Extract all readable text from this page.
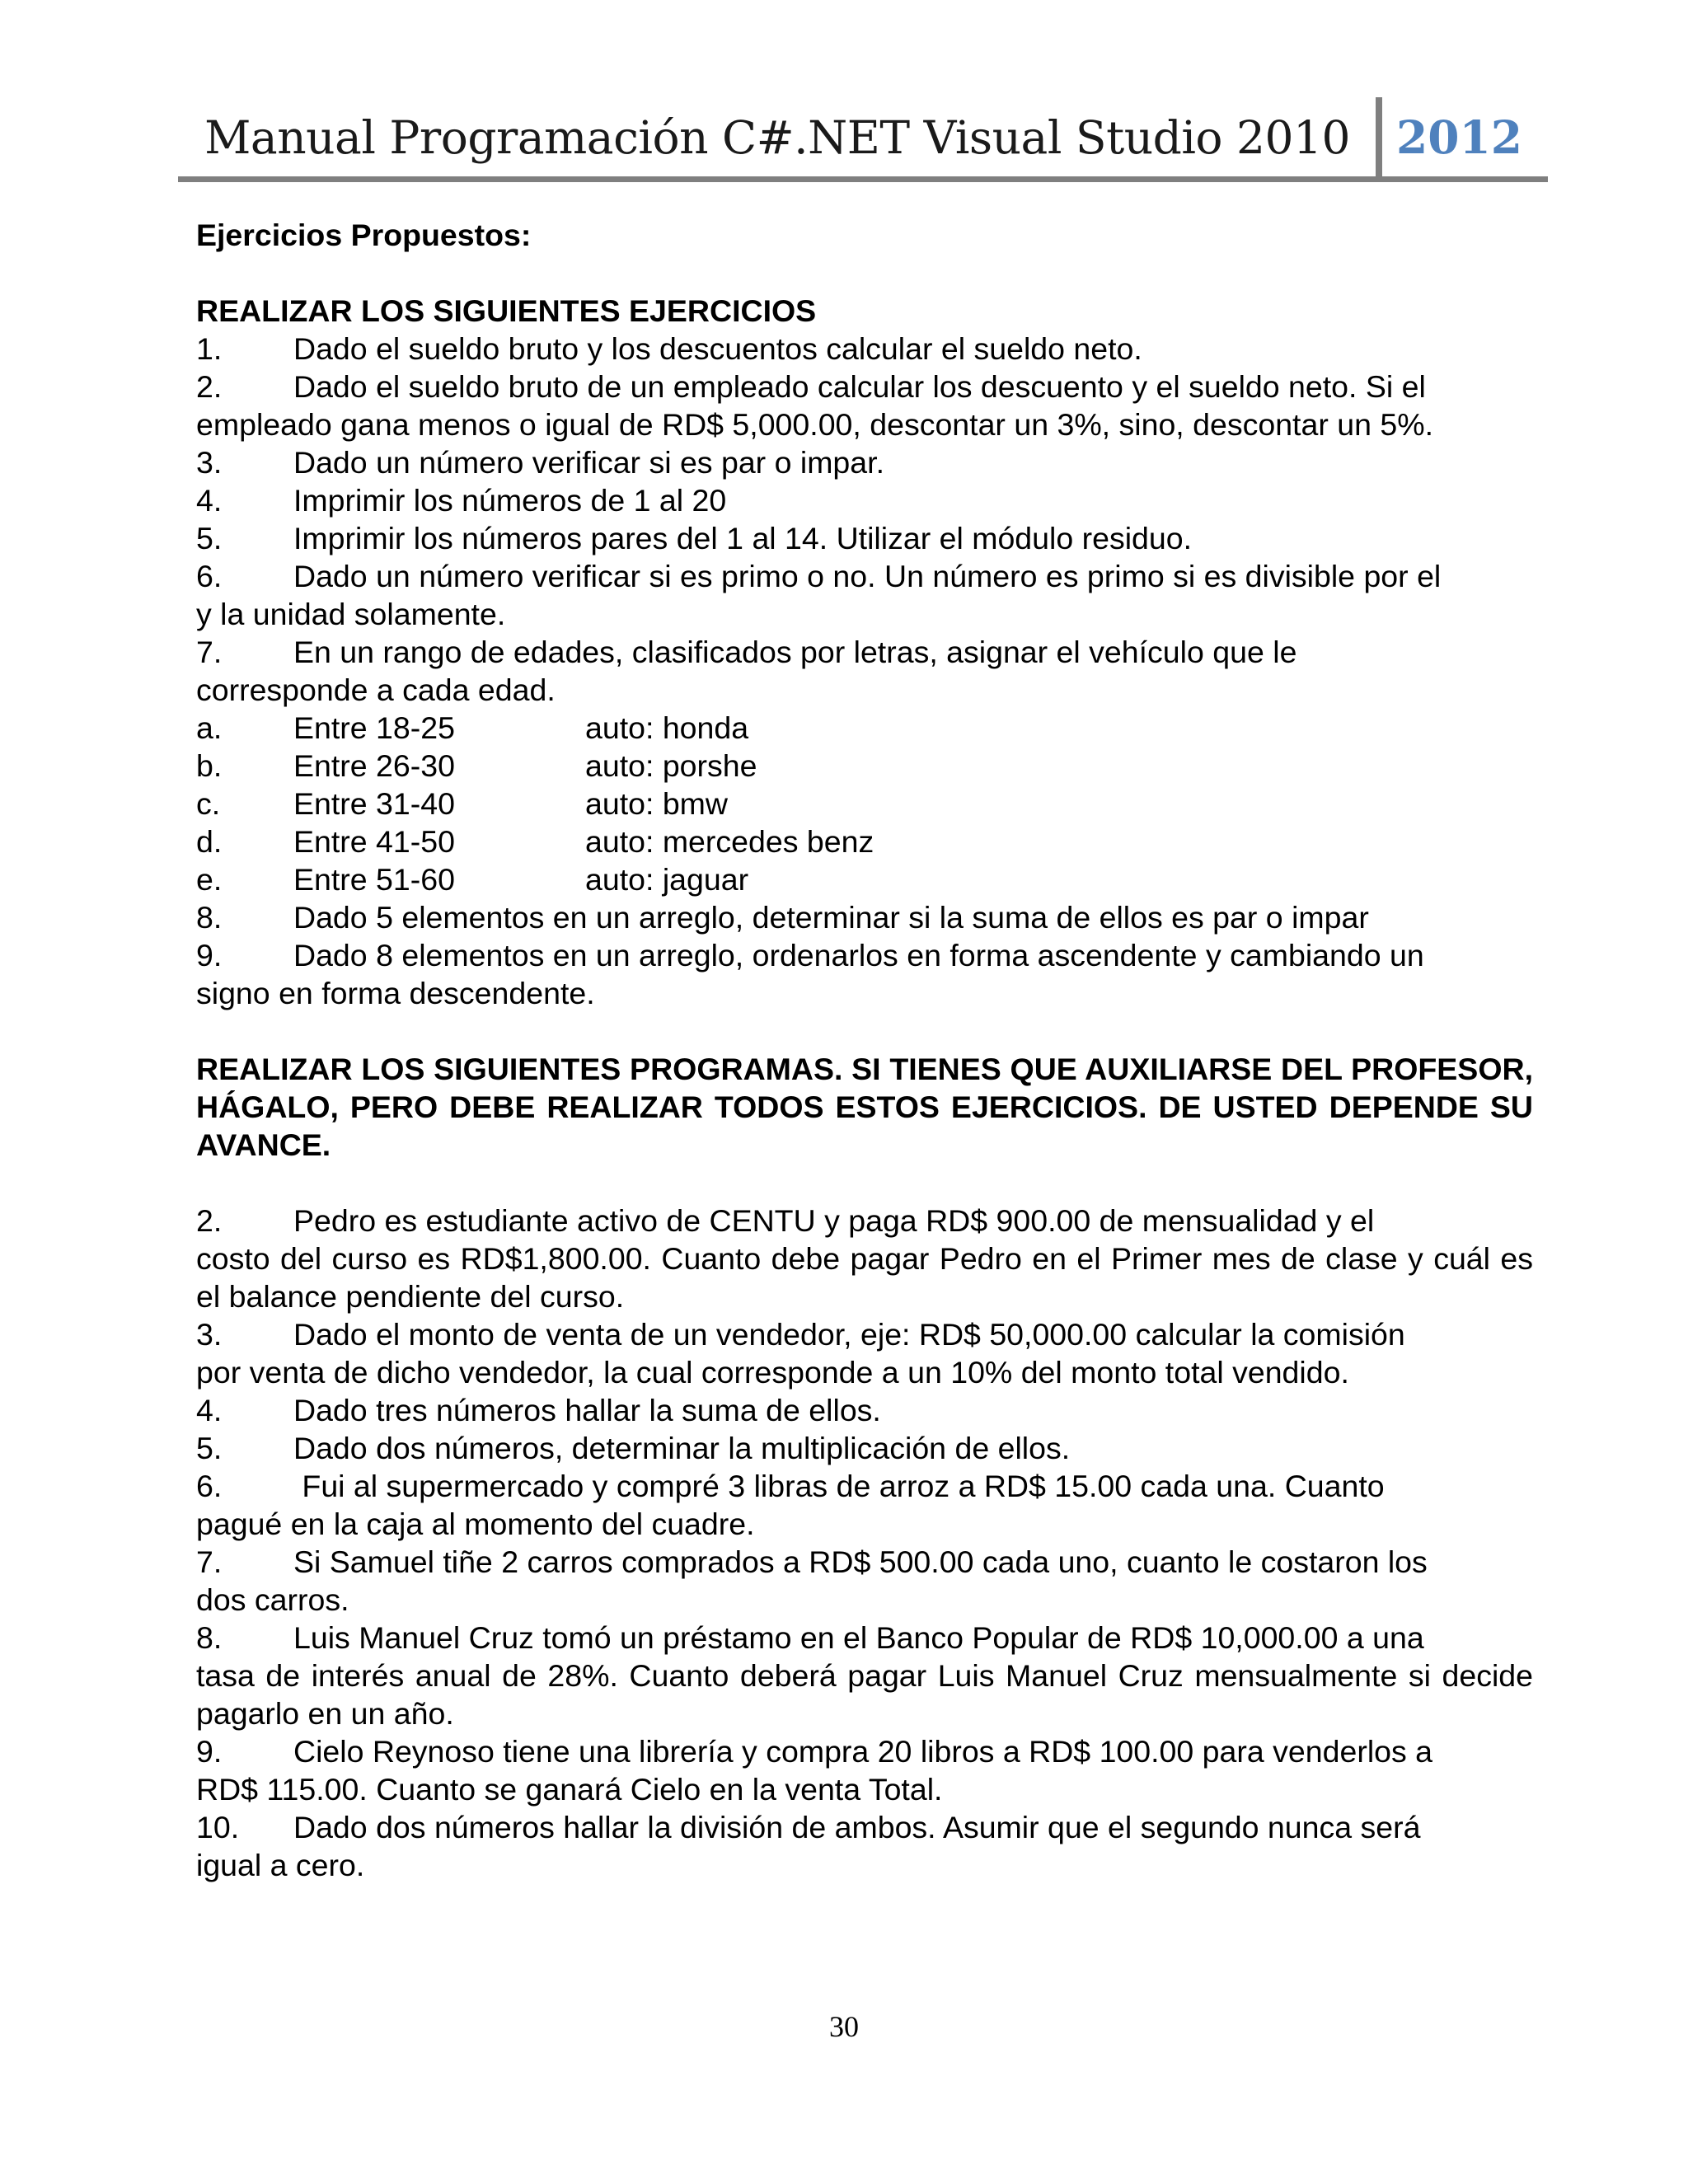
Manual Programación C#.NET Visual Studio 2010 2012
Ejercicios Propuestos:
REALIZAR LOS SIGUIENTES EJERCICIOS
1. Dado el sueldo bruto y los descuentos calcular el sueldo neto.
2. Dado el sueldo bruto de un empleado calcular los descuento y el sueldo neto. Si el
empleado gana menos o igual de RD$ 5,000.00, descontar un 3%, sino, descontar un 5%.
3. Dado un número verificar si es par o impar.
4. Imprimir los números de 1 al 20
5. Imprimir los números pares del 1 al 14. Utilizar el módulo residuo.
6. Dado un número verificar si es primo o no. Un número es primo si es divisible por el
y la unidad solamente.
7. En un rango de edades, clasificados por letras, asignar el vehículo que le
corresponde a cada edad.
a. Entre 18-25	auto: honda
b. Entre 26-30	auto: porshe
c. Entre 31-40	auto: bmw
d. Entre 41-50	auto: mercedes benz
e. Entre 51-60	auto: jaguar
8. Dado 5 elementos en un arreglo, determinar si la suma de ellos es par o impar
9. Dado 8 elementos en un arreglo, ordenarlos en forma ascendente y cambiando un
signo en forma descendente.
REALIZAR LOS SIGUIENTES PROGRAMAS. SI TIENES QUE AUXILIARSE DEL PROFESOR, HÁGALO, PERO DEBE REALIZAR TODOS ESTOS EJERCICIOS. DE USTED DEPENDE SU AVANCE.
2. Pedro es estudiante activo de CENTU y paga RD$ 900.00 de mensualidad y el
costo del curso es RD$1,800.00. Cuanto debe pagar Pedro en el Primer mes de clase y cuál es el balance pendiente del curso.
3. Dado el monto de venta de un vendedor, eje: RD$ 50,000.00 calcular la comisión
por venta de dicho vendedor, la cual corresponde a un 10% del monto total vendido.
4. Dado tres números hallar la suma de ellos.
5. Dado dos números, determinar la multiplicación de ellos.
6. Fui al supermercado y compré 3 libras de arroz a RD$ 15.00 cada una. Cuanto
pagué en la caja al momento del cuadre.
7. Si Samuel tiñe 2 carros comprados a RD$ 500.00 cada uno, cuanto le costaron los
dos carros.
8. Luis Manuel Cruz tomó un préstamo en el Banco Popular de RD$ 10,000.00 a una
tasa de interés anual de 28%. Cuanto deberá pagar Luis Manuel Cruz mensualmente si decide pagarlo en un año.
9. Cielo Reynoso tiene una librería y compra 20 libros a RD$ 100.00 para venderlos a
RD$ 115.00. Cuanto se ganará Cielo en la venta Total.
10. Dado dos números hallar la división de ambos. Asumir que el segundo nunca será
igual a cero.
30
